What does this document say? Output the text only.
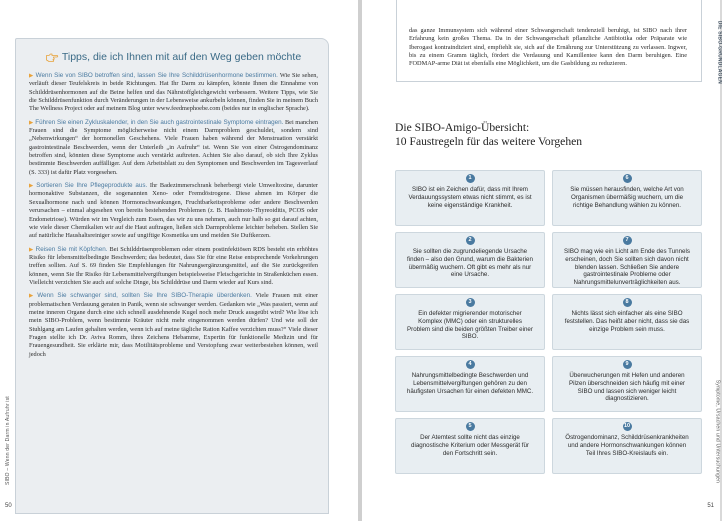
SIBO – Wenn der Darm in Aufruhr ist
50
Tipps, die ich Ihnen mit auf den Weg geben möchte

▶ Wenn Sie von SIBO betroffen sind, lassen Sie Ihre Schilddrüsenhormone bestimmen. Wie Sie sehen, verläuft dieser Teufelskreis in beide Richtungen. Hat Ihr Darm zu kämpfen, könnte Ihnen die Einnahme von Schilddrüsenhormonen auf die Beine helfen und das Nährstoffgleichgewicht verbessern. Weitere Tipps, wie Sie die Schilddrüsenfunktion durch Veränderungen in der Lebensweise ankurbeln können, finden Sie in meinem Buch The Wellness Project oder auf meinem Blog unter www.feedmephoebe.com (beides nur in englischer Sprache).

▶ Führen Sie einen Zykluskalender, in den Sie auch gastrointestinale Symptome eintragen. Bei manchen Frauen sind die Symptome möglicherweise nicht einem Darmproblem geschuldet, sondern sind „Nebenwirkungen“ der hormonellen Geschehens. Viele Frauen haben während der Menstruation verstärkt gastrointestinale Beschwerden, wenn der Unterleib „in Aufruhr“ ist. Wenn Sie von einer Östrogendominanz betroffen sind, könnten diese Symptome auch verstärkt auftreten. Achten Sie also darauf, ob sich Ihre Zyklus bestimmte Beschwerden auffälliger. Auf dem Arbeitsblatt zu den Symptomen und Beschwerden im Tagesverlauf (S. 333) ist dafür Platz vorgesehen.

▶ Sortieren Sie Ihre Pflegeprodukte aus. Ihr Badezimmerschrank beherbergt viele Umweltoxine, darunter hormonaktive Substanzen, die sogenannten Xeno- oder Fremdöstrogene. Diese ahmen im Körper die Sexualhormone nach und können Hormonschwankungen, Fruchtbarkeitsprobleme oder andere Beschwerden verursachen – einmal abgesehen von bereits bestehenden Problemen (z. B. Hashimoto-Thyreoiditis, PCOS oder Endometriose). Würden wir im Vergleich zum Essen, das wir zu uns nehmen, auch nur halb so gut darauf achten, wie viele dieser Chemikalien wir auf die Haut auftragen, ließen sich Darmprobleme leichter beheben. Stellen Sie auf natürliche Haushaltsreiniger sowie auf ungiftige Kosmetika um und meiden Sie Duftkerzen.

▶ Reisen Sie mit Köpfchen. Bei Schilddrüsenproblemen oder einem postinfektiösen RDS besteht ein erhöhtes Risiko für lebensmittelbedingte Beschwerden; das bedeutet, dass Sie für eine Reise entsprechende Vorkehrungen treffen sollten. Auf S. 69 finden Sie Empfehlungen für Nahrungsergänzungsmittel, auf die Sie zurückgreifen können, wenn Sie Ihr Risiko für Lebensmittelvergiftungen beispielsweise Fleischgerichte in Straßenküchen essen. Vielleicht verzichten Sie auch auf solche Dinge, bis Schilddrüse und Darm wieder auf Kurs sind.

▶ Wenn Sie schwanger sind, sollten Sie Ihre SIBO-Therapie überdenken. Viele Frauen mit einer problematischen Verdauung geraten in Panik, wenn sie schwanger werden. Gedanken wie „Was passiert, wenn auf meine inneren Organe durch eine sich schnell ausdehnende Kugel noch mehr Druck ausgeübt wird? Wie löse ich mein SIBO-Problem, wenn bestimmte Kräuter nicht mehr eingenommen werden dürfen? Und wie soll der Stuhlgang am Laufen gehalten werden, wenn ich auf meine tägliche Ration Kaffee verzichten muss?“ Viele dieser Fragen stellte ich Dr. Aviva Romm, ihres Zeichens Hebamme, Expertin für funktionelle Medizin und für Frauengesundheit. Sie erklärte mir, dass Motilitätsprobleme und Verstopfung zwar weiterbestehen können, weil jedoch

DIE SIBO-GRUNDLAGEN
Symptome, Ursachen und Untersuchungen
51
das ganze Immunsystem sich während einer Schwangerschaft tendenziell beruhigt, ist SIBO nach ihrer Erfahrung kein großes Thema. Da in der Schwangerschaft pflanzliche Antibiotika oder Präparate wie Iberogast kontraindiziert sind, empfiehlt sie, sich auf die Ernährung zur Unterstützung zu verlassen. Ingwer, bis zu einem Gramm täglich, fördert die Verdauung und Kamillentee kann den Darm beruhigen. Eine FODMAP-arme Diät ist ebenfalls eine Möglichkeit, um die Gasbildung zu reduzieren.
Die SIBO-Amigo-Übersicht:
10 Faustregeln für das weitere Vorgehen
1
SIBO ist ein Zeichen dafür, dass mit Ihrem Verdauungssystem etwas nicht stimmt, es ist keine eigenständige Krankheit.
6
Sie müssen herausfinden, welche Art von Organismen übermäßig wuchern, um die richtige Behandlung wählen zu können.
2
Sie sollten die zugrundeliegende Ursache finden – also den Grund, warum die Bakterien übermäßig wuchern. Oft gibt es mehr als nur eine Ursache.
7
SIBO mag wie ein Licht am Ende des Tunnels erscheinen, doch Sie sollten sich davon nicht blenden lassen. Schließen Sie andere gastrointestinale Probleme oder Nahrungsmittelunverträglichkeiten aus.
3
Ein defekter migrierender motorischer Komplex (MMC) oder ein strukturelles Problem sind die beiden größten Treiber einer SIBO.
8
Nichts lässt sich einfacher als eine SIBO feststellen. Das heißt aber nicht, dass sie das einzige Problem sein muss.
4
Nahrungsmittelbedingte Beschwerden und Lebensmittelvergiftungen gehören zu den häufigsten Ursachen für einen defekten MMC.
9
Überwucherungen mit Hefen und anderen Pilzen überschneiden sich häufig mit einer SIBO und lassen sich weniger leicht diagnostizieren.
5
Der Atemtest sollte nicht das einzige diagnostische Kriterium oder Messgerät für den Fortschritt sein.
10
Östrogendominanz, Schilddrüsenkrankheiten und andere Hormonschwankungen können Teil Ihres SIBO-Kreislaufs ein.
